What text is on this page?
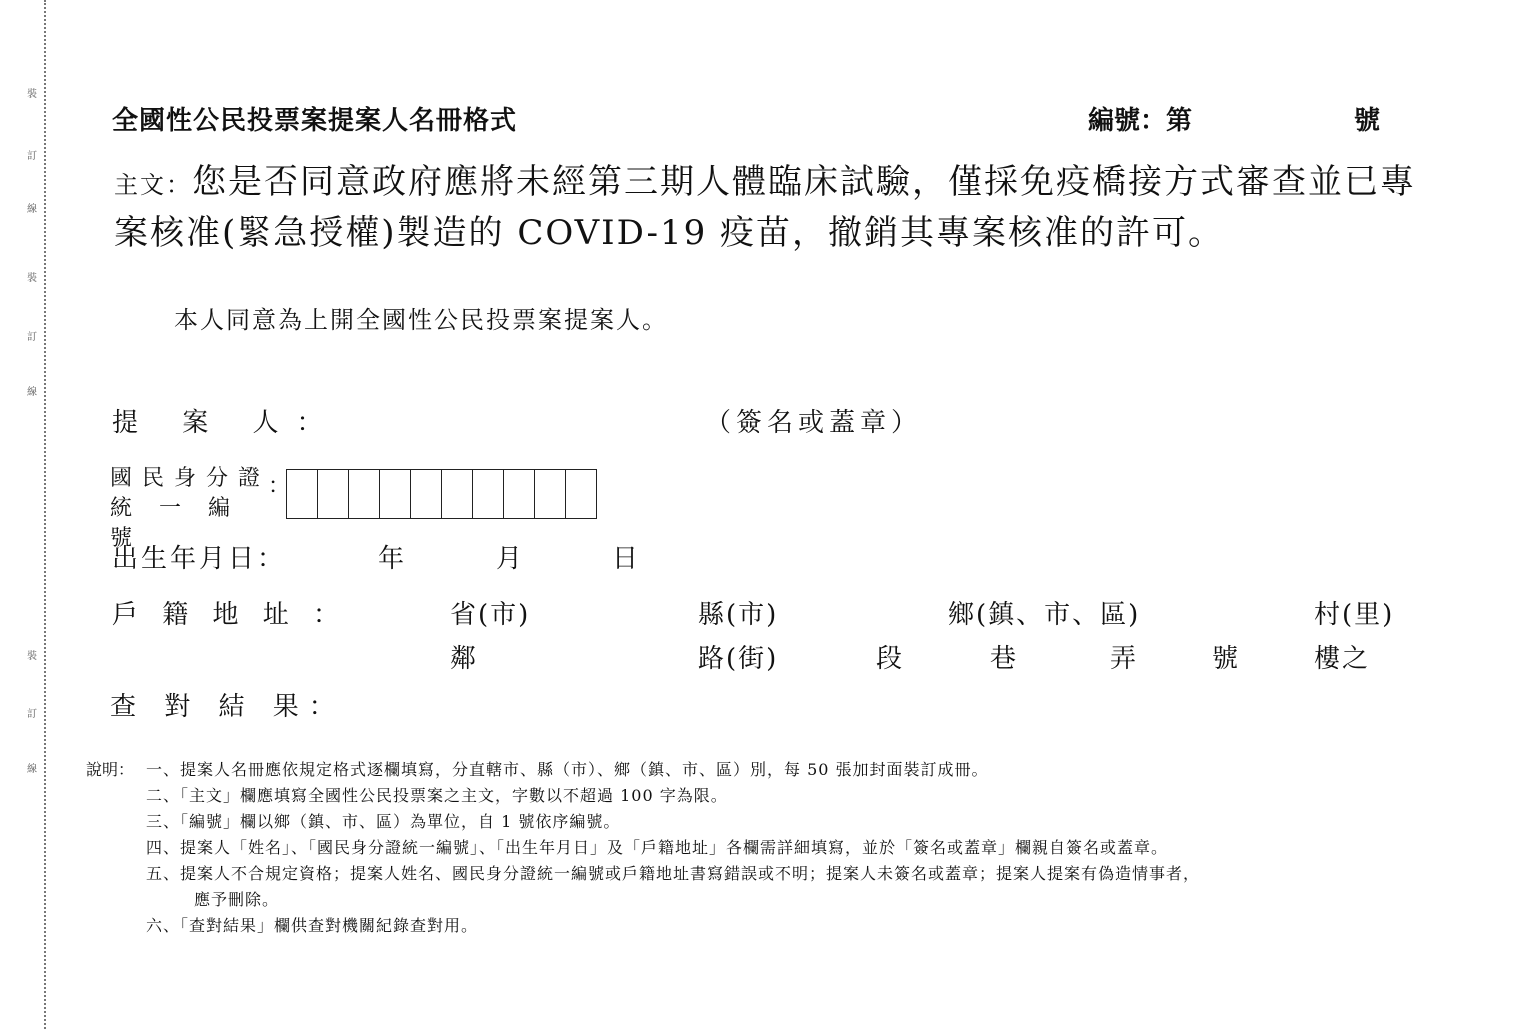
裝
訂
線
裝
訂
線
裝
訂
線
全國性公民投票案提案人名冊格式	編號：第	號
主文：您是否同意政府應將未經第三期人體臨床試驗，僅採免疫橋接方式審查並已專案核准(緊急授權)製造的 COVID-19 疫苗，撤銷其專案核准的許可。
本人同意為上開全國性公民投票案提案人。
提 案 人：	（簽名或蓋章）
國民身分證
統 一 編 號
：
出生年月日：	年	月	日
戶 籍 地 址 ：	省(市)	縣(市)	鄉(鎮、市、區)	村(里)
鄰	路(街)	段	巷	弄	號	樓之
查 對 結 果：
說明： 一、提案人名冊應依規定格式逐欄填寫，分直轄市、縣（市）、鄉（鎮、市、區）別，每 50 張加封面裝訂成冊。
二、「主文」欄應填寫全國性公民投票案之主文，字數以不超過 100 字為限。
三、「編號」欄以鄉（鎮、市、區）為單位，自 1 號依序編號。
四、提案人「姓名」、「國民身分證統一編號」、「出生年月日」及「戶籍地址」各欄需詳細填寫，並於「簽名或蓋章」欄親自簽名或蓋章。
五、提案人不合規定資格；提案人姓名、國民身分證統一編號或戶籍地址書寫錯誤或不明；提案人未簽名或蓋章；提案人提案有偽造情事者，
應予刪除。
六、「查對結果」欄供查對機關紀錄查對用。
